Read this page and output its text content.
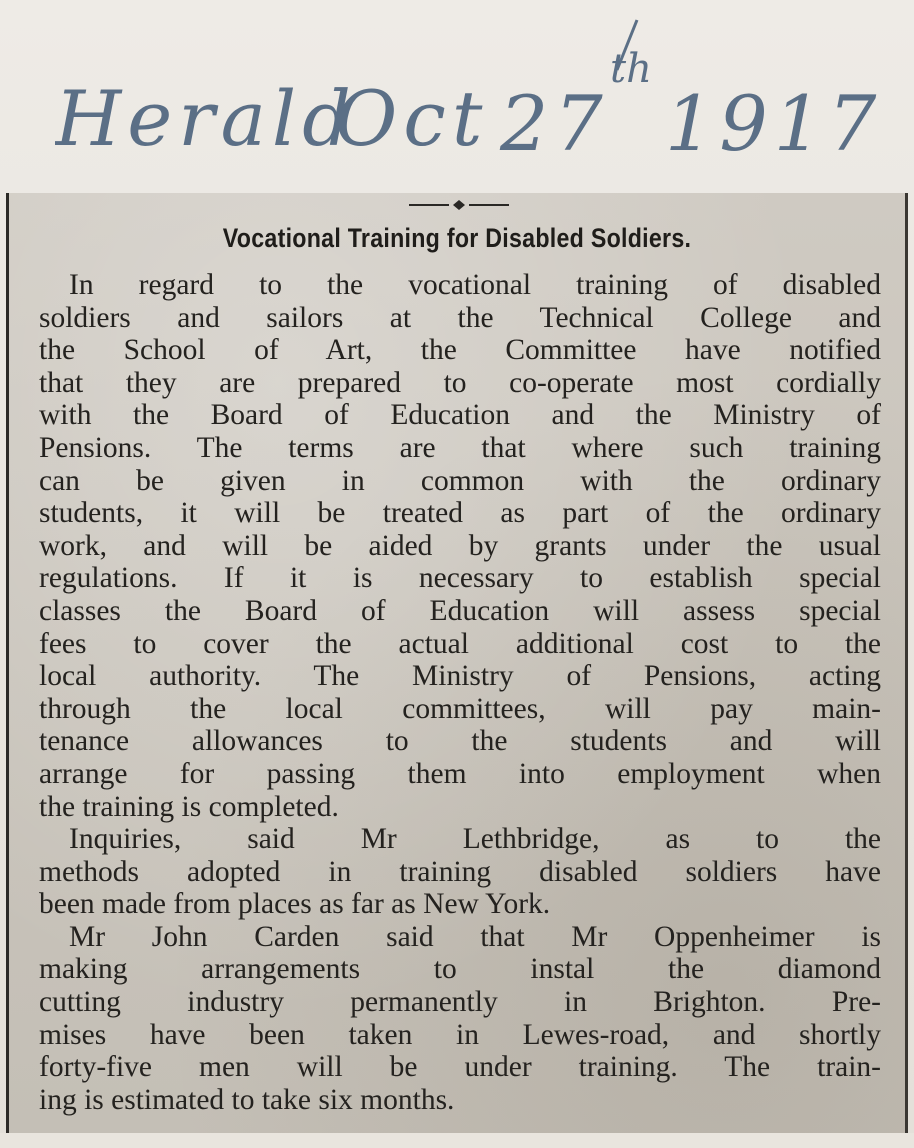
Herald
Oct 27
th
1917
Vocational Training for Disabled Soldiers.
In regard to the vocational training of disabled
soldiers and sailors at the Technical College and
the School of Art, the Committee have notified
that they are prepared to co-operate most cordially
with the Board of Education and the Ministry of
Pensions. The terms are that where such training
can be given in common with the ordinary
students, it will be treated as part of the ordinary
work, and will be aided by grants under the usual
regulations. If it is necessary to establish special
classes the Board of Education will assess special
fees to cover the actual additional cost to the
local authority. The Ministry of Pensions, acting
through the local committees, will pay main-
tenance allowances to the students and will
arrange for passing them into employment when
the training is completed.
Inquiries, said Mr Lethbridge, as to the
methods adopted in training disabled soldiers have
been made from places as far as New York.
Mr John Carden said that Mr Oppenheimer is
making arrangements to instal the diamond
cutting industry permanently in Brighton. Pre-
mises have been taken in Lewes-road, and shortly
forty-five men will be under training. The train-
ing is estimated to take six months.
